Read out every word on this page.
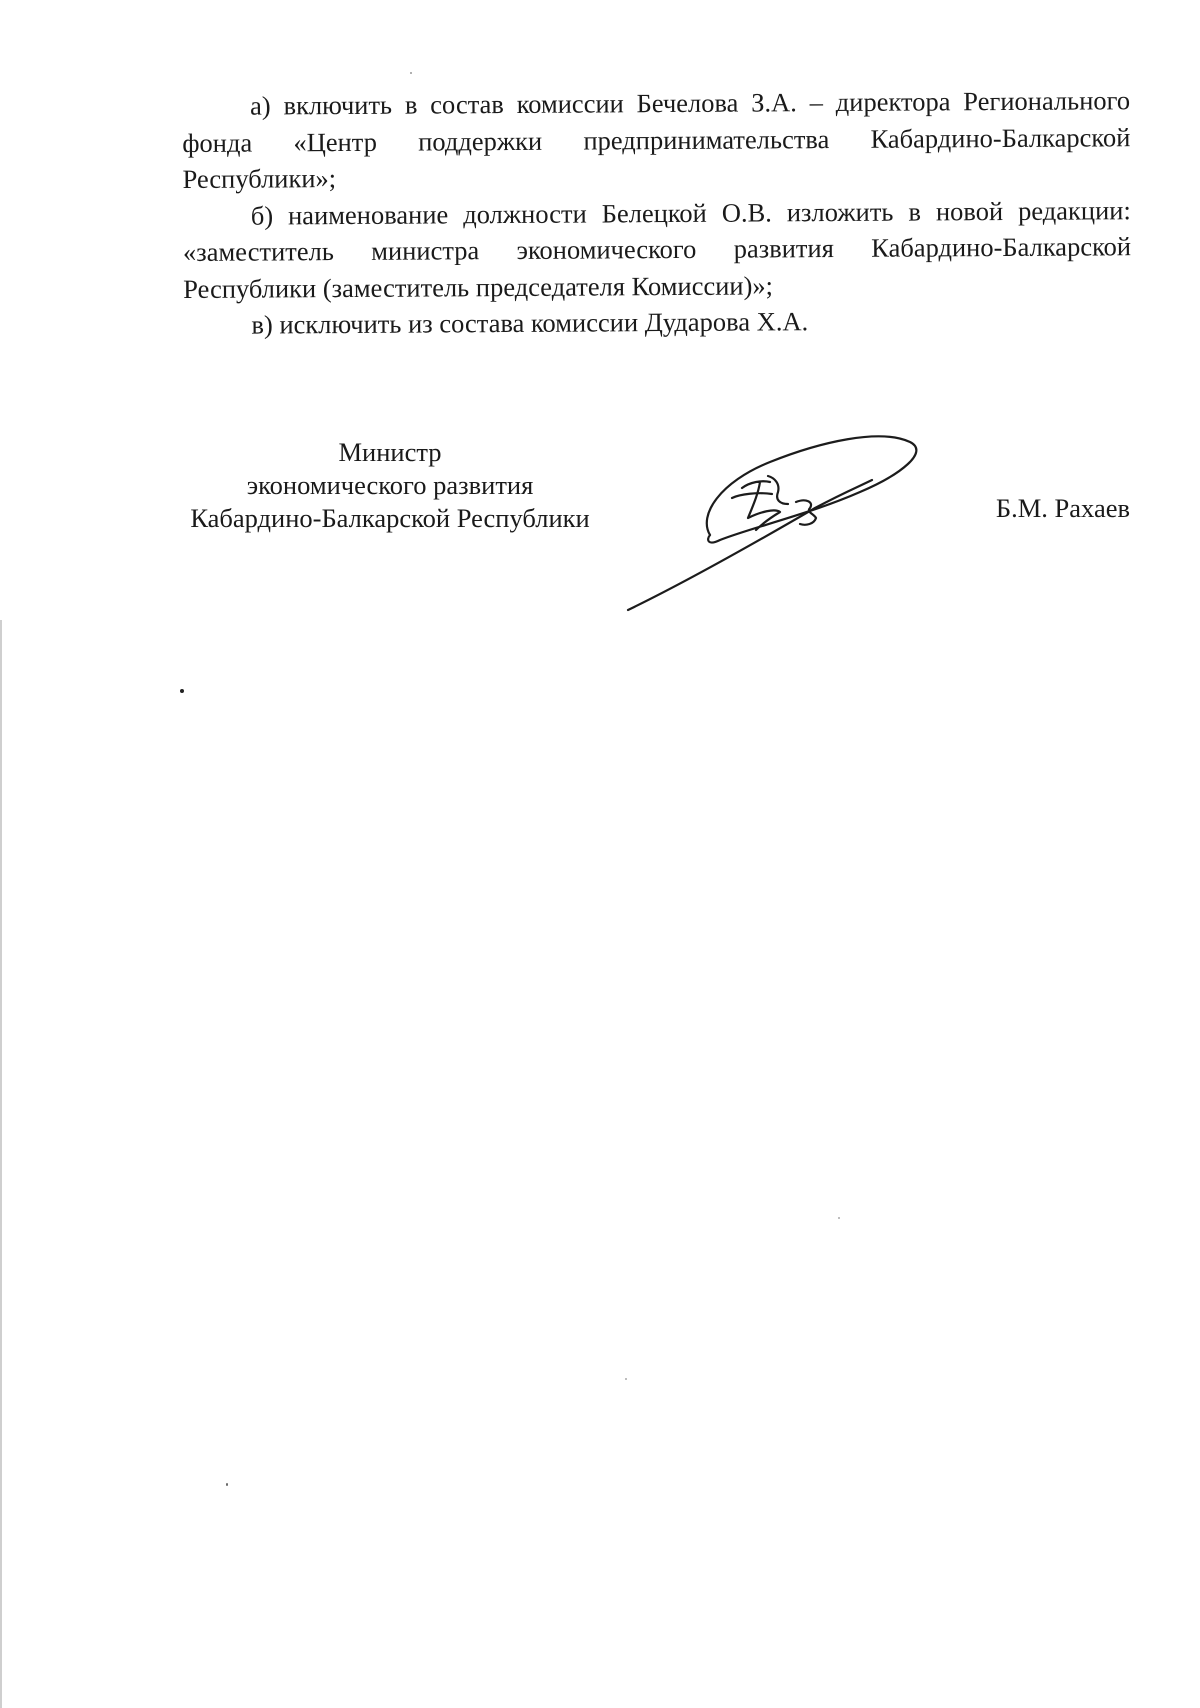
а) включить в состав комиссии Бечелова З.А. – директора Регионального фонда «Центр поддержки предпринимательства Кабардино-Балкарской Республики»;

б) наименование должности Белецкой О.В. изложить в новой редакции: «заместитель министра экономического развития Кабардино-Балкарской Республики (заместитель председателя Комиссии)»;

в) исключить из состава комиссии Дударова Х.А.

Министр
экономического развития
Кабардино-Балкарской Республики	Б.М. Рахаев
